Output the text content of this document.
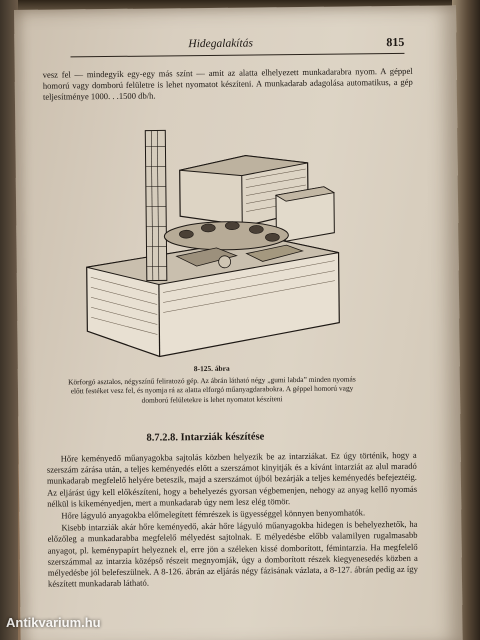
Hidegalakítás	815

vesz fel — mindegyik egy-egy más színt — amit az alatta elhelyezett munkadarabra nyom. A géppel homorú vagy domború felületre is lehet nyomatot készíteni. A munkadarab adagolása automatikus, a gép teljesítménye 1000. . .1500 db/h.

8-125. ábra
Körforgó asztalos, négyszínű feliratozó gép. Az ábrán látható négy „gumi labda” minden nyomás előtt festéket vesz fel, és nyomja rá az alatta elforgó műanyagdarabokra. A géppel homorú vagy domború felületekre is lehet nyomatot készíteni
8.7.2.8. Intarziák készítése

Hőre keményedő műanyagokba sajtolás közben helyezik be az intarziákat. Ez úgy történik, hogy a szerszám zárása után, a teljes keményedés előtt a szerszámot kinyitják és a kívánt intarziát az alul maradó munkadarab megfelelő helyére beteszik, majd a szerszámot újból bezárják a teljes keményedés befejeztéig. Az eljárást úgy kell előkészíteni, hogy a behelyezés gyorsan végbemenjen, nehogy az anyag kellő nyomás nélkül is kikeményedjen, mert a munkadarab úgy nem lesz elég tömör.

Hőre lágyuló anyagokba előmelegített fémrészek is ügyességgel könnyen benyomhatók.

Kisebb intarziák akár hőre keményedő, akár hőre lágyuló műanyagokba hidegen is behelyezhetők, ha előzőleg a munkadarabba megfelelő mélyedést sajtolnak. E mélyedésbe előbb valamilyen rugalmasabb anyagot, pl. keménypapírt helyeznek el, erre jön a széleken kissé domborított, fémintarzia. Ha megfelelő szerszámmal az intarzia középső részeit megnyomják, úgy a domborított részek kiegyenesedés közben a mélyedésbe jól belefeszülnek. A 8-126. ábrán az eljárás négy fázisának vázlata, a 8-127. ábrán pedig az így készített munkadarab látható.

Antikvarium.hu
